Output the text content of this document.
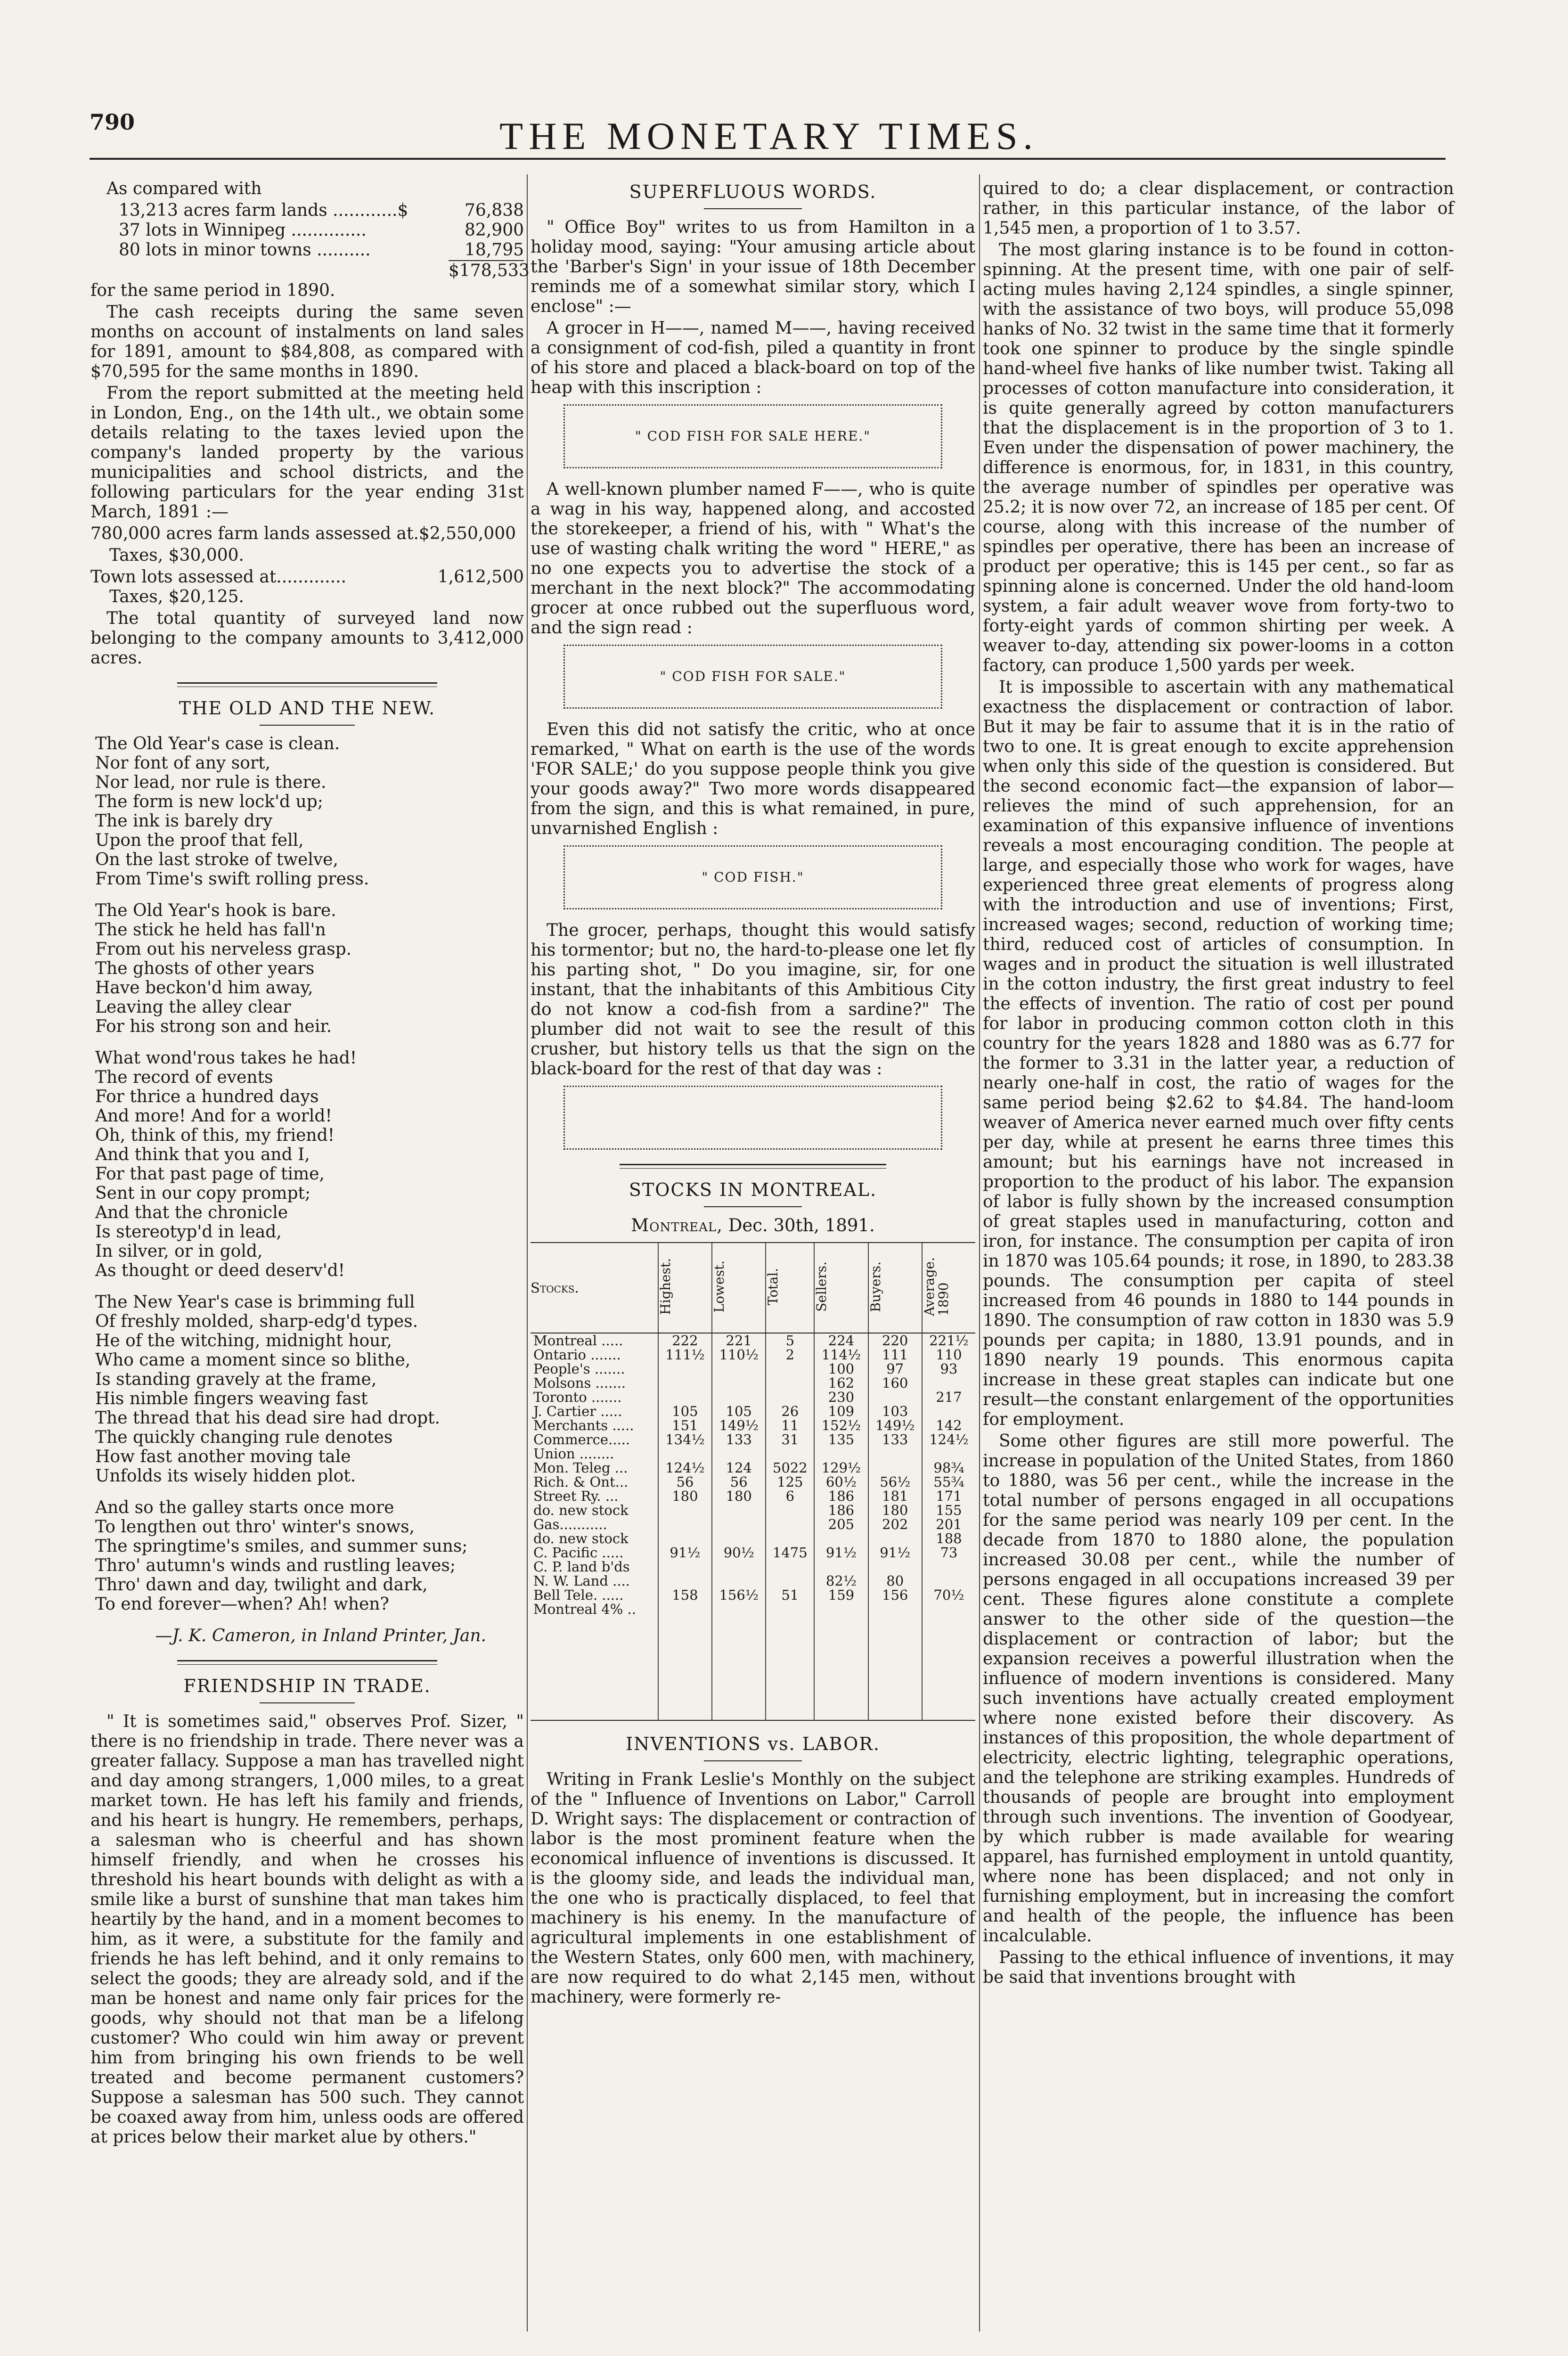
790	THE MONETARY TIMES.
As compared with
13,213 acres farm lands ............$	76,838
37 lots in Winnipeg ..............	82,900
80 lots in minor towns ..........	18,795
$178,533
for the same period in 1890.
The cash receipts during the same seven months on account of instalments on land sales for 1891, amount to $84,808, as compared with $70,595 for the same months in 1890.
From the report submitted at the meeting held in London, Eng., on the 14th ult., we obtain some details relating to the taxes levied upon the company's landed property by the various municipalities and school districts, and the following particulars for the year ending 31st March, 1891 :—
780,000 acres farm lands assessed at.$2,550,000
Taxes, $30,000.
Town lots assessed at.............	1,612,500
Taxes, $20,125.
The total quantity of surveyed land now belonging to the company amounts to 3,412,000 acres.
THE OLD AND THE NEW.
The Old Year's case is clean.
Nor font of any sort,
Nor lead, nor rule is there.
The form is new lock'd up;
The ink is barely dry
Upon the proof that fell,
On the last stroke of twelve,
From Time's swift rolling press.
The Old Year's hook is bare.
The stick he held has fall'n
From out his nerveless grasp.
The ghosts of other years
Have beckon'd him away,
Leaving the alley clear
For his strong son and heir.
What wond'rous takes he had!
The record of events
For thrice a hundred days
And more! And for a world!
Oh, think of this, my friend!
And think that you and I,
For that past page of time,
Sent in our copy prompt;
And that the chronicle
Is stereotyp'd in lead,
In silver, or in gold,
As thought or deed deserv'd!
The New Year's case is brimming full
Of freshly molded, sharp-edg'd types.
He of the witching, midnight hour,
Who came a moment since so blithe,
Is standing gravely at the frame,
His nimble fingers weaving fast
The thread that his dead sire had dropt.
The quickly changing rule denotes
How fast another moving tale
Unfolds its wisely hidden plot.
And so the galley starts once more
To lengthen out thro' winter's snows,
The springtime's smiles, and summer suns;
Thro' autumn's winds and rustling leaves;
Thro' dawn and day, twilight and dark,
To end forever—when? Ah! when?
—J. K. Cameron, in Inland Printer, Jan.
FRIENDSHIP IN TRADE.
" It is sometimes said," observes Prof. Sizer, " there is no friendship in trade. There never was a greater fallacy. Suppose a man has travelled night and day among strangers, 1,000 miles, to a great market town. He has left his family and friends, and his heart is hungry. He remembers, perhaps, a salesman who is cheerful and has shown himself friendly, and when he crosses his threshold his heart bounds with delight as with a smile like a burst of sunshine that man takes him heartily by the hand, and in a moment becomes to him, as it were, a substitute for the family and friends he has left behind, and it only remains to select the goods; they are already sold, and if the man be honest and name only fair prices for the goods, why should not that man be a lifelong customer? Who could win him away or prevent him from bringing his own friends to be well treated and become permanent customers? Suppose a salesman has 500 such. They cannot be coaxed away from him, unless oods are offered at prices below their market alue by others."
SUPERFLUOUS WORDS.
" Office Boy" writes to us from Hamilton in a holiday mood, saying: "Your amusing article about the 'Barber's Sign' in your issue of 18th December reminds me of a somewhat similar story, which I enclose" :—
A grocer in H——, named M——, having received a consignment of cod-fish, piled a quantity in front of his store and placed a black-board on top of the heap with this inscription :
" COD FISH FOR SALE HERE."
A well-known plumber named F——, who is quite a wag in his way, happened along, and accosted the storekeeper, a friend of his, with " What's the use of wasting chalk writing the word " HERE," as no one expects you to advertise the stock of a merchant in the next block?" The accommodating grocer at once rubbed out the superfluous word, and the sign read :
" COD FISH FOR SALE."
Even this did not satisfy the critic, who at once remarked, " What on earth is the use of the words 'FOR SALE;' do you suppose people think you give your goods away?" Two more words disappeared from the sign, and this is what remained, in pure, unvarnished English :
" COD FISH."
The grocer, perhaps, thought this would satisfy his tormentor; but no, the hard-to-please one let fly his parting shot, " Do you imagine, sir, for one instant, that the inhabitants of this Ambitious City do not know a cod-fish from a sardine?" The plumber did not wait to see the result of this crusher, but history tells us that the sign on the black-board for the rest of that day was :
STOCKS IN MONTREAL.
Montreal, Dec. 30th, 1891.
Stocks.	Highest.	Lowest.	Total.	Sellers.	Buyers.	Average.
1890
Montreal .....	222	221	5	224	220	221½
Ontario .......	111½	110½	2	114½	111	110
People's .......				100	97	93
Molsons .......				162	160	
Toronto .......				230		217
J. Cartier .....	105	105	26	109	103	
Merchants .....	151	149½	11	152½	149½	142
Commerce.....	134½	133	31	135	133	124½
Union ........						
Mon. Teleg ...	124½	124	5022	129½		98¾
Rich. & Ont...	56	56	125	60½	56½	55¾
Street Ry. ...	180	180	6	186	181	171
do. new stock				186	180	155
Gas...........				205	202	201
do. new stock						188
C. Pacific .....	91½	90½	1475	91½	91½	73
C. P. land b'ds						
N. W. Land ....				82½	80	
Bell Tele. .....	158	156½	51	159	156	70½
Montreal 4% ..						

INVENTIONS vs. LABOR.
Writing in Frank Leslie's Monthly on the subject of the " Influence of Inventions on Labor," Carroll D. Wright says: The displacement or contraction of labor is the most prominent feature when the economical influence of inventions is discussed. It is the gloomy side, and leads the individual man, the one who is practically displaced, to feel that machinery is his enemy. In the manufacture of agricultural implements in one establishment of the Western States, only 600 men, with machinery, are now required to do what 2,145 men, without machinery, were formerly re-
quired to do; a clear displacement, or contraction rather, in this particular instance, of the labor of 1,545 men, a proportion of 1 to 3.57.
The most glaring instance is to be found in cotton-spinning. At the present time, with one pair of self-acting mules having 2,124 spindles, a single spinner, with the assistance of two boys, will produce 55,098 hanks of No. 32 twist in the same time that it formerly took one spinner to produce by the single spindle hand-wheel five hanks of like number twist. Taking all processes of cotton manufacture into consideration, it is quite generally agreed by cotton manufacturers that the displacement is in the proportion of 3 to 1. Even under the dispensation of power machinery, the difference is enormous, for, in 1831, in this country, the average number of spindles per operative was 25.2; it is now over 72, an increase of 185 per cent. Of course, along with this increase of the number of spindles per operative, there has been an increase of product per operative; this is 145 per cent., so far as spinning alone is concerned. Under the old hand-loom system, a fair adult weaver wove from forty-two to forty-eight yards of common shirting per week. A weaver to-day, attending six power-looms in a cotton factory, can produce 1,500 yards per week.
It is impossible to ascertain with any mathematical exactness the displacement or contraction of labor. But it may be fair to assume that it is in the ratio of two to one. It is great enough to excite apprehension when only this side of the question is considered. But the second economic fact—the expansion of labor—relieves the mind of such apprehension, for an examination of this expansive influence of inventions reveals a most encouraging condition. The people at large, and especially those who work for wages, have experienced three great elements of progress along with the introduction and use of inventions; First, increased wages; second, reduction of working time; third, reduced cost of articles of consumption. In wages and in product the situation is well illustrated in the cotton industry, the first great industry to feel the effects of invention. The ratio of cost per pound for labor in producing common cotton cloth in this country for the years 1828 and 1880 was as 6.77 for the former to 3.31 in the latter year, a reduction of nearly one-half in cost, the ratio of wages for the same period being $2.62 to $4.84. The hand-loom weaver of America never earned much over fifty cents per day, while at present he earns three times this amount; but his earnings have not increased in proportion to the product of his labor. The expansion of labor is fully shown by the increased consumption of great staples used in manufacturing, cotton and iron, for instance. The consumption per capita of iron in 1870 was 105.64 pounds; it rose, in 1890, to 283.38 pounds. The consumption per capita of steel increased from 46 pounds in 1880 to 144 pounds in 1890. The consumption of raw cotton in 1830 was 5.9 pounds per capita; in 1880, 13.91 pounds, and in 1890 nearly 19 pounds. This enormous capita increase in these great staples can indicate but one result—the constant enlargement of the opportunities for employment.
Some other figures are still more powerful. The increase in population of the United States, from 1860 to 1880, was 56 per cent., while the increase in the total number of persons engaged in all occupations for the same period was nearly 109 per cent. In the decade from 1870 to 1880 alone, the population increased 30.08 per cent., while the number of persons engaged in all occupations increased 39 per cent. These figures alone constitute a complete answer to the other side of the question—the displacement or contraction of labor; but the expansion receives a powerful illustration when the influence of modern inventions is considered. Many such inventions have actually created employment where none existed before their discovery. As instances of this proposition, the whole department of electricity, electric lighting, telegraphic operations, and the telephone are striking examples. Hundreds of thousands of people are brought into employment through such inventions. The invention of Goodyear, by which rubber is made available for wearing apparel, has furnished employment in untold quantity, where none has been displaced; and not only in furnishing employment, but in increasing the comfort and health of the people, the influence has been incalculable.
Passing to the ethical influence of inventions, it may be said that inventions brought with
